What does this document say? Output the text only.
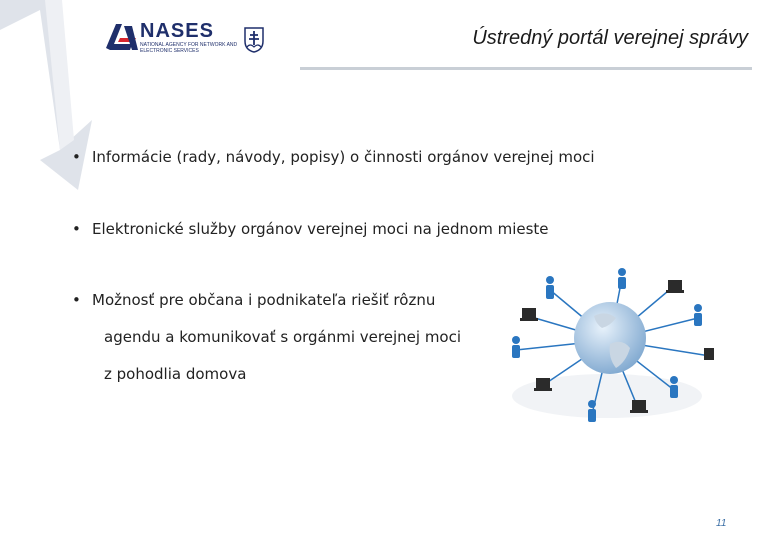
NASES
NATIONAL AGENCY FOR NETWORK AND ELECTRONIC SERVICES
Ústredný portál verejnej správy
• Informácie (rady, návody, popisy) o činnosti orgánov verejnej moci
• Elektronické služby orgánov verejnej moci na jednom mieste
• Možnosť pre občana i podnikateľa riešiť rôznu
agendu a komunikovať s orgánmi verejnej moci
z pohodlia domova
11
